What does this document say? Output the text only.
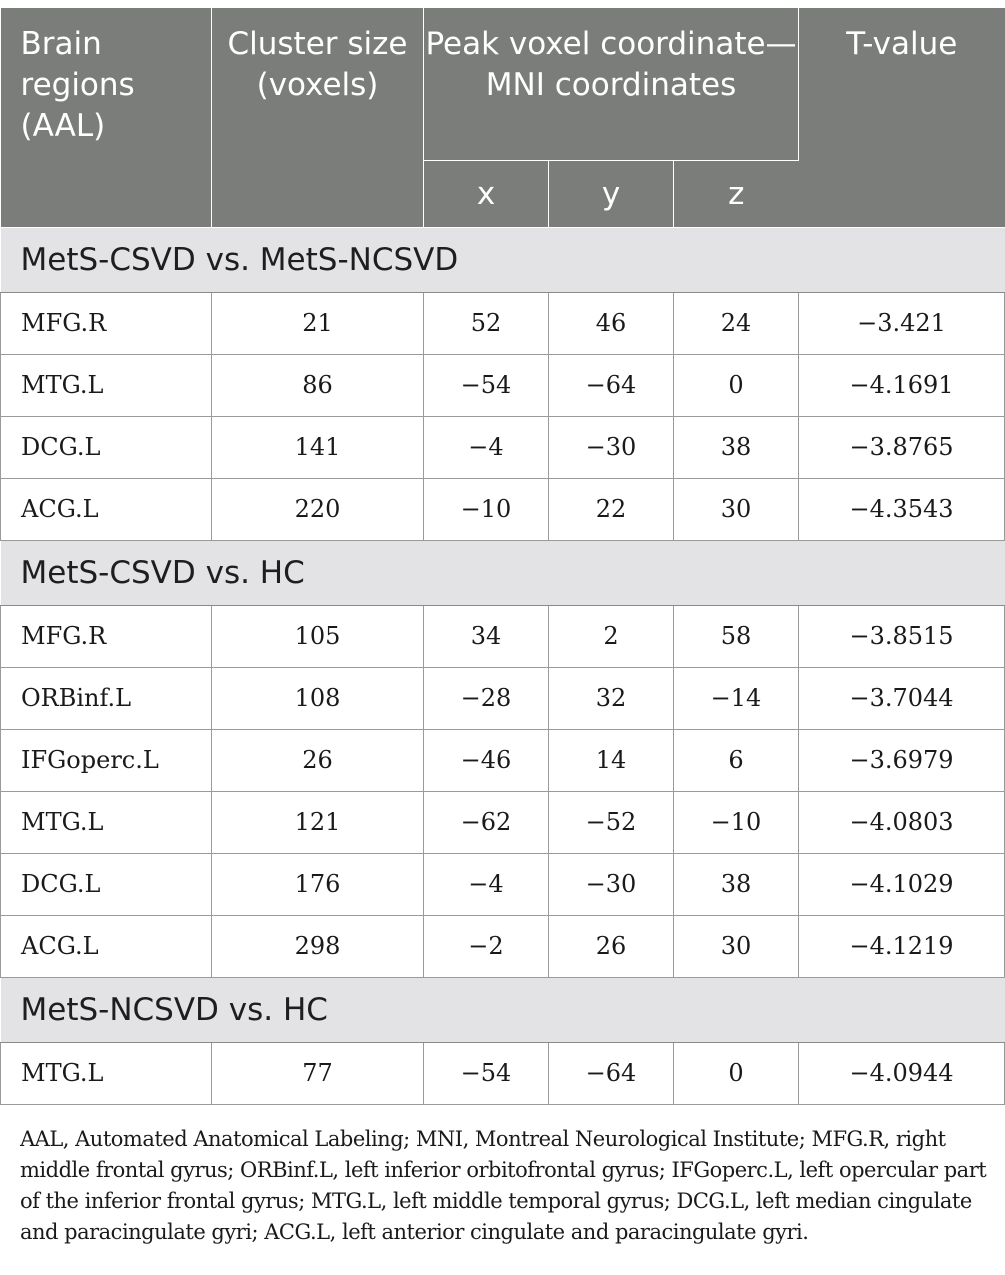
Brain regions (AAL)	Cluster size (voxels)	Peak voxel coordinate—MNI coordinates			T-value
		x	y	z	
MetS-CSVD vs. MetS-NCSVD					
MFG.R	21	52	46	24	−3.421
MTG.L	86	−54	−64	0	−4.1691
DCG.L	141	−4	−30	38	−3.8765
ACG.L	220	−10	22	30	−4.3543
MetS-CSVD vs. HC					
MFG.R	105	34	2	58	−3.8515
ORBinf.L	108	−28	32	−14	−3.7044
IFGoperc.L	26	−46	14	6	−3.6979
MTG.L	121	−62	−52	−10	−4.0803
DCG.L	176	−4	−30	38	−4.1029
ACG.L	298	−2	26	30	−4.1219
MetS-NCSVD vs. HC					
MTG.L	77	−54	−64	0	−4.0944

AAL, Automated Anatomical Labeling; MNI, Montreal Neurological Institute; MFG.R, right middle frontal gyrus; ORBinf.L, left inferior orbitofrontal gyrus; IFGoperc.L, left opercular part of the inferior frontal gyrus; MTG.L, left middle temporal gyrus; DCG.L, left median cingulate and paracingulate gyri; ACG.L, left anterior cingulate and paracingulate gyri.
